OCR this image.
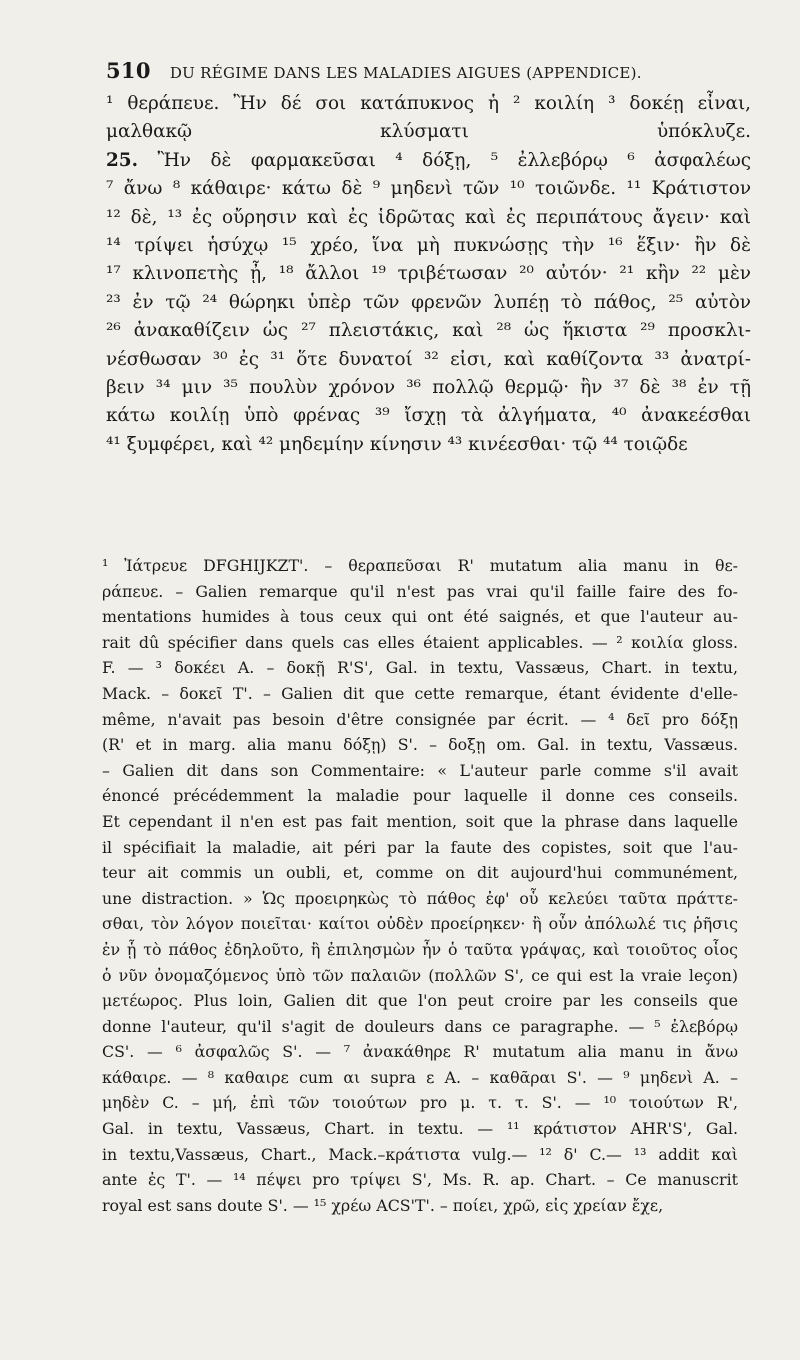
510 DU RÉGIME DANS LES MALADIES AIGUES (APPENDICE).
¹ θεράπευε. Ἢν δέ σοι κατάπυκνος ἡ ² κοιλίη ³ δοκέῃ εἶναι,
μαλθακῷ κλύσματι ὑπόκλυζε.
25. Ἢν δὲ φαρμακεῦσαι ⁴ δόξῃ, ⁵ ἐλλεβόρῳ ⁶ ἀσφαλέως
⁷ ἄνω ⁸ κάθαιρε· κάτω δὲ ⁹ μηδενὶ τῶν ¹⁰ τοιῶνδε. ¹¹ Κράτιστον
¹² δὲ, ¹³ ἐς οὔρησιν καὶ ἐς ἱδρῶτας καὶ ἐς περιπάτους ἄγειν· καὶ
¹⁴ τρίψει ἡσύχῳ ¹⁵ χρέο, ἵνα μὴ πυκνώσῃς τὴν ¹⁶ ἕξιν· ἢν δὲ
¹⁷ κλινοπετὴς ᾖ, ¹⁸ ἄλλοι ¹⁹ τριβέτωσαν ²⁰ αὐτόν· ²¹ κἢν ²² μὲν
²³ ἐν τῷ ²⁴ θώρηκι ὑπὲρ τῶν φρενῶν λυπέῃ τὸ πάθος, ²⁵ αὐτὸν
²⁶ ἀνακαθίζειν ὡς ²⁷ πλειστάκις, καὶ ²⁸ ὡς ἥκιστα ²⁹ προσκλι-
νέσθωσαν ³⁰ ἐς ³¹ ὅτε δυνατοί ³² εἰσι, καὶ καθίζοντα ³³ ἀνατρί-
βειν ³⁴ μιν ³⁵ πουλὺν χρόνον ³⁶ πολλῷ θερμῷ· ἢν ³⁷ δὲ ³⁸ ἐν τῇ
κάτω κοιλίῃ ὑπὸ φρένας ³⁹ ἴσχῃ τὰ ἀλγήματα, ⁴⁰ ἀνακεέσθαι
⁴¹ ξυμφέρει, καὶ ⁴² μηδεμίην κίνησιν ⁴³ κινέεσθαι· τῷ ⁴⁴ τοιῷδε
¹ Ἰάτρευε DFGHIJKZT'. – θεραπεῦσαι R' mutatum alia manu in θε-
ράπευε. – Galien remarque qu'il n'est pas vrai qu'il faille faire des fo-
mentations humides à tous ceux qui ont été saignés, et que l'auteur au-
rait dû spécifier dans quels cas elles étaient applicables. — ² κοιλία gloss.
F. — ³ δοκέει A. – δοκῇ R'S', Gal. in textu, Vassæus, Chart. in textu,
Mack. – δοκεῖ T'. – Galien dit que cette remarque, étant évidente d'elle-
même, n'avait pas besoin d'être consignée par écrit. — ⁴ δεῖ pro δόξῃ
(R' et in marg. alia manu δόξῃ) S'. – δοξῃ om. Gal. in textu, Vassæus.
– Galien dit dans son Commentaire: « L'auteur parle comme s'il avait
énoncé précédemment la maladie pour laquelle il donne ces conseils.
Et cependant il n'en est pas fait mention, soit que la phrase dans laquelle
il spécifiait la maladie, ait péri par la faute des copistes, soit que l'au-
teur ait commis un oubli, et, comme on dit aujourd'hui communément,
une distraction. » Ὡς προειρηκὼς τὸ πάθος ἐφ' οὗ κελεύει ταῦτα πράττε-
σθαι, τὸν λόγον ποιεῖται· καίτοι οὐδὲν προείρηκεν· ἢ οὖν ἀπόλωλέ τις ῥῆσις
ἐν ᾗ τὸ πάθος ἐδηλοῦτο, ἢ ἐπιλησμὼν ἦν ὁ ταῦτα γράψας, καὶ τοιοῦτος οἷος
ὁ νῦν ὀνομαζόμενος ὑπὸ τῶν παλαιῶν (πολλῶν S', ce qui est la vraie leçon)
μετέωρος. Plus loin, Galien dit que l'on peut croire par les conseils que
donne l'auteur, qu'il s'agit de douleurs dans ce paragraphe. — ⁵ ἐλεβόρῳ
CS'. — ⁶ ἀσφαλῶς S'. — ⁷ ἀνακάθηρε R' mutatum alia manu in ἄνω
κάθαιρε. — ⁸ καθαιρε cum αι supra ε A. – καθᾶραι S'. — ⁹ μηδενὶ A. –
μηδὲν C. – μή, ἐπὶ τῶν τοιούτων pro μ. τ. τ. S'. — ¹⁰ τοιούτων R',
Gal. in textu, Vassæus, Chart. in textu. — ¹¹ κράτιστον AHR'S', Gal.
in textu,Vassæus, Chart., Mack.–κράτιστα vulg.— ¹² δ' C.— ¹³ addit καὶ
ante ἐς T'. — ¹⁴ πέψει pro τρίψει S', Ms. R. ap. Chart. – Ce manuscrit
royal est sans doute S'. — ¹⁵ χρέω ACS'T'. – ποίει, χρῶ, εἰς χρείαν ἔχε,
